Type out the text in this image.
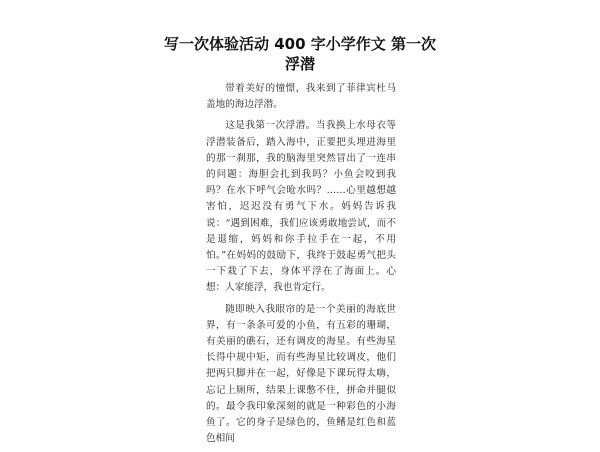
写一次体验活动 400 字小学作文 第一次浮潜

带着美好的憧憬，我来到了菲律宾杜马盖地的海边浮潜。

这是我第一次浮潜。当我换上水母衣等浮潜装备后，踏入海中，正要把头埋进海里的那一刹那，我的脑海里突然冒出了一连串的问题：海胆会扎到我吗？小鱼会咬到我吗？在水下呼气会呛水吗？……心里越想越害怕，迟迟没有勇气下水。妈妈告诉我说：“遇到困难，我们应该勇敢地尝试，而不是退缩，妈妈和你手拉手在一起，不用怕。”在妈妈的鼓励下，我终于鼓起勇气把头一下栽了下去，身体平浮在了海面上。心想：人家能浮，我也肯定行。

随即映入我眼帘的是一个美丽的海底世界，有一条条可爱的小鱼，有五彩的珊瑚，有美丽的礁石，还有调皮的海星。有些海星长得中规中矩，而有些海星比较调皮，他们把两只脚并在一起，好像是下课玩得太嗨，忘记上厕所，结果上课憋不住，拼命并腿似的。最令我印象深刻的就是一种彩色的小海鱼了。它的身子是绿色的，鱼鳍是红色和蓝色相间
